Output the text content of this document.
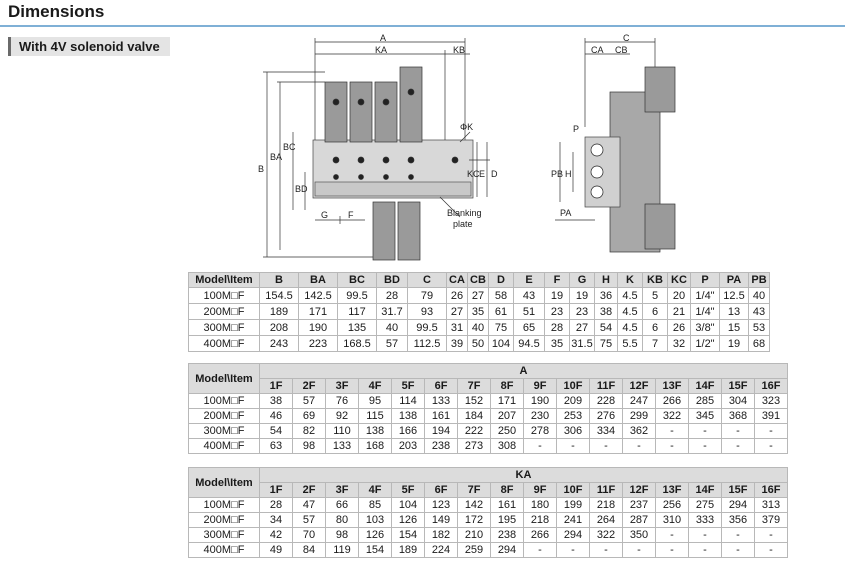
Dimensions
With 4V solenoid valve
A
KA	KB
B
BA
BC
BD
G F
ΦK
KC E D
Blanking
plate
C
CA CB
P
PB H
PA
Model\Item	B	BA	BC	BD	C	CA	CB	D	E	F	G	H	K	KB	KC	P	PA	PB
100M□F	154.5	142.5	99.5	28	79	26	27	58	43	19	19	36	4.5	5	20	1/4"	12.5	40
200M□F	189	171	117	31.7	93	27	35	61	51	23	23	38	4.5	6	21	1/4"	13	43
300M□F	208	190	135	40	99.5	31	40	75	65	28	27	54	4.5	6	26	3/8"	15	53
400M□F	243	223	168.5	57	112.5	39	50	104	94.5	35	31.5	75	5.5	7	32	1/2"	19	68
Model\Item	A															
	1F	2F	3F	4F	5F	6F	7F	8F	9F	10F	11F	12F	13F	14F	15F	16F
100M□F	38	57	76	95	114	133	152	171	190	209	228	247	266	285	304	323
200M□F	46	69	92	115	138	161	184	207	230	253	276	299	322	345	368	391
300M□F	54	82	110	138	166	194	222	250	278	306	334	362	-	-	-	-
400M□F	63	98	133	168	203	238	273	308	-	-	-	-	-	-	-	-
Model\Item	KA															
	1F	2F	3F	4F	5F	6F	7F	8F	9F	10F	11F	12F	13F	14F	15F	16F
100M□F	28	47	66	85	104	123	142	161	180	199	218	237	256	275	294	313
200M□F	34	57	80	103	126	149	172	195	218	241	264	287	310	333	356	379
300M□F	42	70	98	126	154	182	210	238	266	294	322	350	-	-	-	-
400M□F	49	84	119	154	189	224	259	294	-	-	-	-	-	-	-	-
